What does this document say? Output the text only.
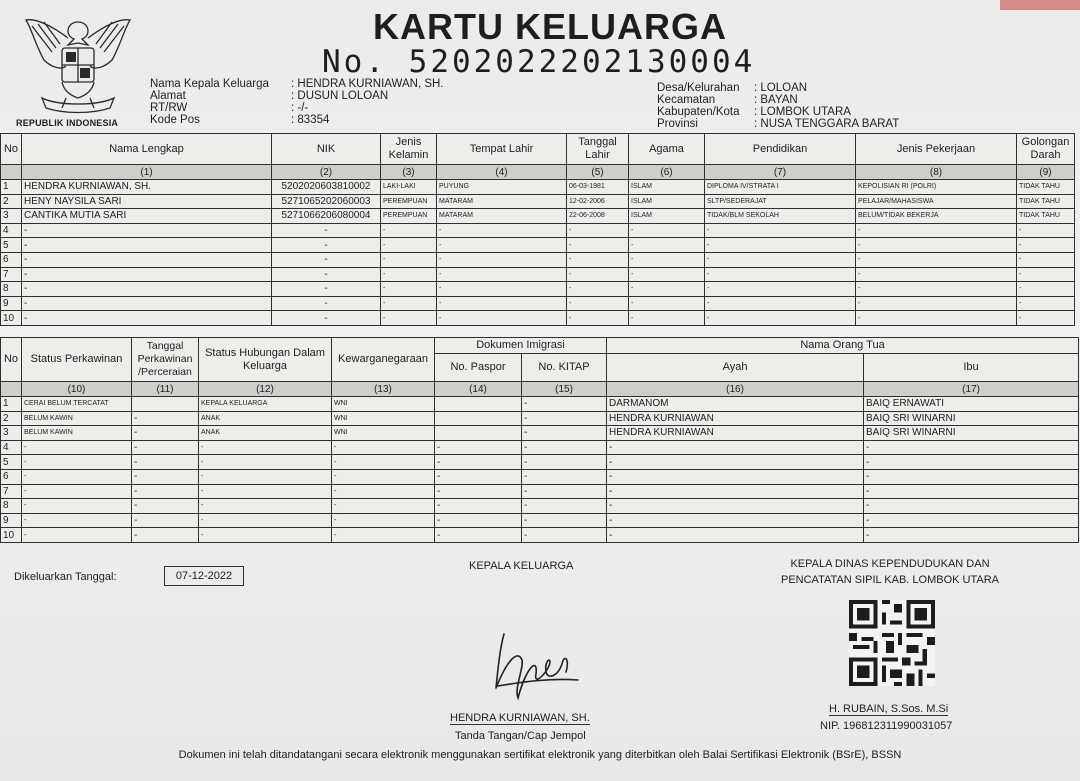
REPUBLIK INDONESIA
KARTU KELUARGA
No. 5202022202130004
Nama Kepala Keluarga
Alamat
RT/RW
Kode Pos
: HENDRA KURNIAWAN, SH.
: DUSUN LOLOAN
: -/-
: 83354
Desa/Kelurahan
Kecamatan
Kabupaten/Kota
Provinsi
: LOLOAN
: BAYAN
: LOMBOK UTARA
: NUSA TENGGARA BARAT
No	Nama Lengkap	NIK	Jenis Kelamin	Tempat Lahir	Tanggal Lahir	Agama	Pendidikan	Jenis Pekerjaan	Golongan Darah
	(1)	(2)	(3)	(4)	(5)	(6)	(7)	(8)	(9)
1	HENDRA KURNIAWAN, SH.	5202020603810002	LAKI-LAKI	PUYUNG	06-03-1981	ISLAM	DIPLOMA IV/STRATA I	KEPOLISIAN RI (POLRI)	TIDAK TAHU
2	HENY NAYSILA SARI	5271065202060003	PEREMPUAN	MATARAM	12-02-2006	ISLAM	SLTP/SEDERAJAT	PELAJAR/MAHASISWA	TIDAK TAHU
3	CANTIKA MUTIA SARI	5271066206080004	PEREMPUAN	MATARAM	22-06-2008	ISLAM	TIDAK/BLM SEKOLAH	BELUM/TIDAK BEKERJA	TIDAK TAHU
4	-	-	-	-	-	-	-	-	-
5	-	-	-	-	-	-	-	-	-
6	-	-	-	-	-	-	-	-	-
7	-	-	-	-	-	-	-	-	-
8	-	-	-	-	-	-	-	-	-
9	-	-	-	-	-	-	-	-	-
10	-	-	-	-	-	-	-	-	-
No	Status Perkawinan	Tanggal Perkawinan /Perceraian	Status Hubungan Dalam Keluarga	Kewarganegaraan	Dokumen Imigrasi		Nama Orang Tua	
					No. Paspor	No. KITAP	Ayah	Ibu
	(10)	(11)	(12)	(13)	(14)	(15)	(16)	(17)
1	CERAI BELUM TERCATAT		KEPALA KELUARGA	WNI		-	DARMANOM	BAIQ ERNAWATI
2	BELUM KAWIN	-	ANAK	WNI		-	HENDRA KURNIAWAN	BAIQ SRI WINARNI
3	BELUM KAWIN	-	ANAK	WNI		-	HENDRA KURNIAWAN	BAIQ SRI WINARNI
4	-	-	-	-	-	-	-	-
5	-	-	-	-	-	-	-	-
6	-	-	-	-	-	-	-	-
7	-	-	-	-	-	-	-	-
8	-	-	-	-	-	-	-	-
9	-	-	-	-	-	-	-	-
10	-	-	-	-	-	-	-	-
Dikeluarkan Tanggal:	07-12-2022
KEPALA KELUARGA	KEPALA DINAS KEPENDUDUKAN DAN PENCATATAN SIPIL KAB. LOMBOK UTARA
HENDRA KURNIAWAN, SH.
Tanda Tangan/Cap Jempol
H. RUBAIN, S.Sos. M.Si
NIP. 196812311990031057
Dokumen ini telah ditandatangani secara elektronik menggunakan sertifikat elektronik yang diterbitkan oleh Balai Sertifikasi Elektronik (BSrE), BSSN
